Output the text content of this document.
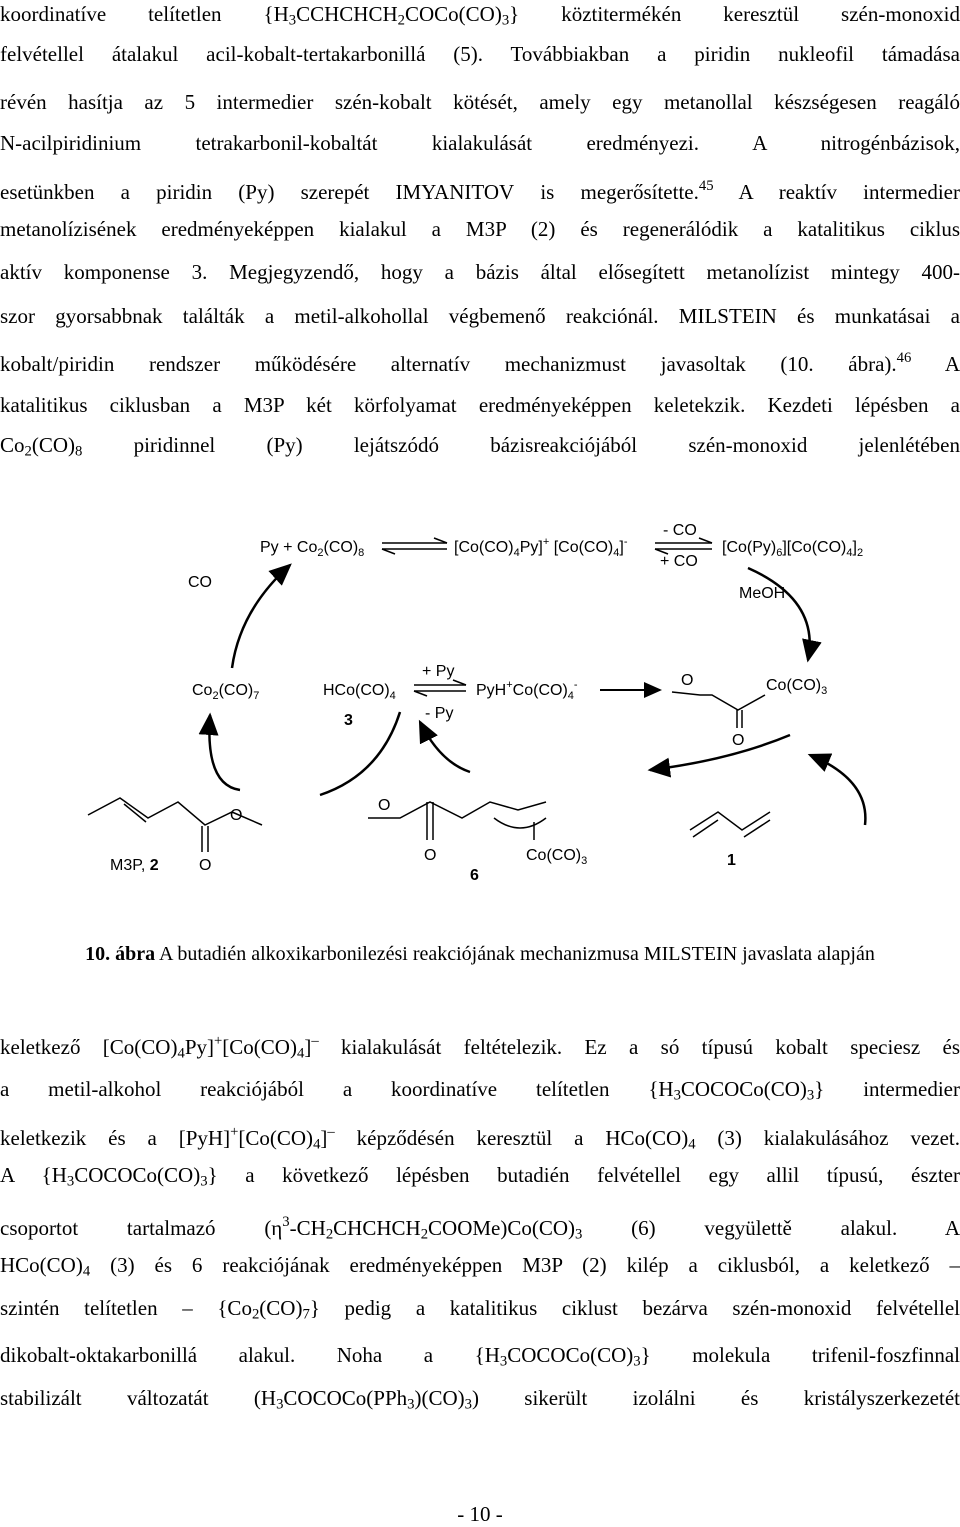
koordinatíve telítetlen $\{H_3CCHCHCH_2COCo(CO)_3\}$ köztitermékén keresztül szén-monoxid
felvétellel átalakul acil-kobalt-tertakarbonillá (5). Továbbiakban a piridin nukleofil támadása
révén hasítja az 5 intermedier szén-kobalt kötését, amely egy metanollal készségesen reagáló
N-acilpiridinium tetrakarbonil-kobaltát kialakulását eredményezi. A nitrogénbázisok,
esetünkben a piridin (Py) szerepét IMYANITOV is megerősítette.$^{45}$ A reaktív intermedier
metanolízisének eredményeképpen kialakul a M3P (2) és regenerálódik a katalitikus ciklus
aktív komponense 3. Megjegyzendő, hogy a bázis által elősegített metanolízist mintegy 400-
szor gyorsabbnak találták a metil-alkohollal végbemenő reakciónál. MILSTEIN és munkatásai a
kobalt/piridin rendszer működésére alternatív mechanizmust javasoltak (10. ábra).$^{46}$ A
katalitikus ciklusban a M3P két körfolyamat eredményeképpen keletekzik. Kezdeti lépésben a
$Co_2(CO)_8$ piridinnel (Py) lejátszódó bázisreakciójából szén-monoxid jelenlétében
CO
$Py + Co_2(CO)_8$	$[Co(CO)_4Py]^+$ $[Co(CO)_4]^-$
- CO
+ CO
$[Co(Py)_6][Co(CO)_4]_2$
MeOH
$Co_2(CO)_7$	$HCo(CO)_4$
3
+ Py
- Py
$PyH^+Co(CO)_4^-$	O	$Co(CO)_3$
O
O
O
M3P, 2
O
O
6
$Co(CO)_3$	1
10. ábra A butadién alkoxikarbonilezési reakciójának mechanizmusa MILSTEIN javaslata alapján
keletkező $[Co(CO)_4Py]^+[Co(CO)_4]^-$ kialakulását feltételezik. Ez a só típusú kobalt speciesz és
a metil-alkohol reakciójából a koordinatíve telítetlen $\{H_3COCOCo(CO)_3\}$ intermedier
keletkezik és a $[PyH]^+[Co(CO)_4]^-$ képződésén keresztül a $HCo(CO)_4$ (3) kialakulásához vezet.
A $\{H_3COCOCo(CO)_3\}$ a következő lépésben butadién felvétellel egy allil típusú, észter
csoportot tartalmazó $(\eta^3-CH_2CHCHCH_2COOMe)Co(CO)_3$ (6) vegyülettě alakul. A
$HCo(CO)_4$ (3) és 6 reakciójának eredményeképpen M3P (2) kilép a ciklusból, a keletkező –
szintén telítetlen – $\{Co_2(CO)_7\}$ pedig a katalitikus ciklust bezárva szén-monoxid felvétellel
dikobalt-oktakarbonillá alakul. Noha a $\{H_3COCOCo(CO)_3\}$ molekula trifenil-foszfinnal
stabilizált változatát $(H_3COCOCo(PPh_3)(CO)_3)$ sikerült izolálni és kristályszerkezetét
- 10 -
